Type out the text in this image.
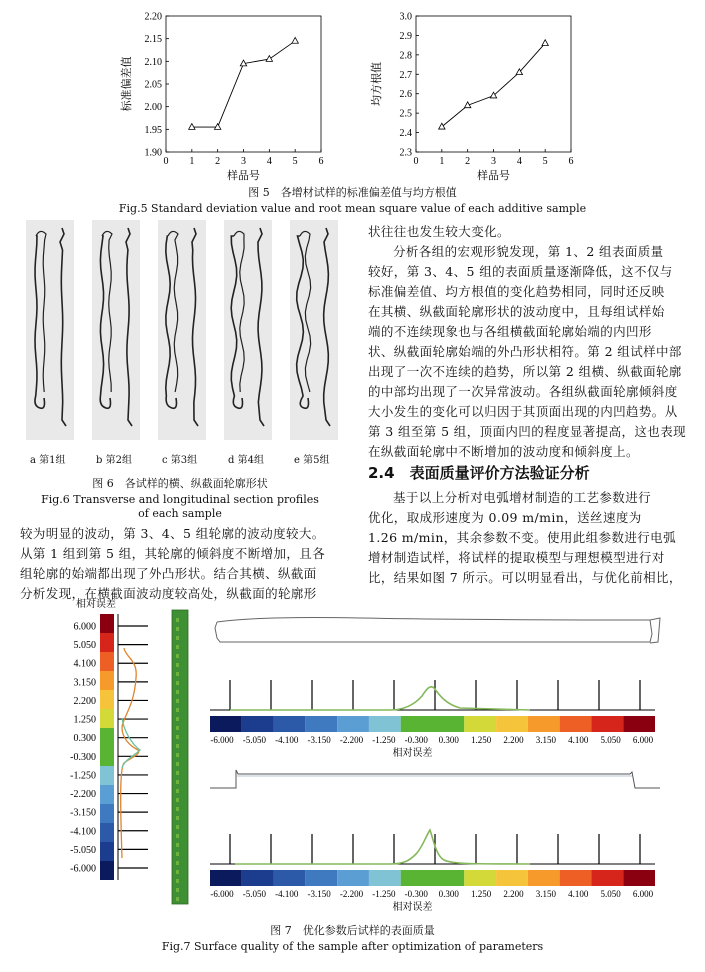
0 1 2 3 4 5 6
1.90
1.95
2.00
2.05
2.10
2.15
2.20
样品号
标准偏差值
0 1 2 3 4 5 6
2.3
2.4
2.5
2.6
2.7
2.8
2.9
3.0
样品号
均方根值
图 5　各增材试样的标准偏差值与均方根值
Fig.5 Standard deviation value and root mean square value of each additive sample
a 第1组	b 第2组	c 第3组	d 第4组	e 第5组
图 6　各试样的横、纵截面轮廓形状
Fig.6 Transverse and longitudinal section profiles
of each sample

较为明显的波动，第 3、4、5 组轮廓的波动度较大。

从第 1 组到第 5 组，其轮廓的倾斜度不断增加，且各

组轮廓的始端都出现了外凸形状。结合其横、纵截面

分析发现，在横截面波动度较高处，纵截面的轮廓形

状往往也发生较大变化。

分析各组的宏观形貌发现，第 1、2 组表面质量

较好，第 3、4、5 组的表面质量逐渐降低，这不仅与

标准偏差值、均方根值的变化趋势相同，同时还反映

在其横、纵截面轮廓形状的波动度中，且每组试样始

端的不连续现象也与各组横截面轮廓始端的内凹形

状、纵截面轮廓始端的外凸形状相符。第 2 组试样中部

出现了一次不连续的趋势，所以第 2 组横、纵截面轮廓

的中部均出现了一次异常波动。各组纵截面轮廓倾斜度

大小发生的变化可以归因于其顶面出现的内凹趋势。从

第 3 组至第 5 组，顶面内凹的程度显著提高，这也表现

在纵截面轮廓中不断增加的波动度和倾斜度上。

2.4　表面质量评价方法验证分析

基于以上分析对电弧增材制造的工艺参数进行

优化，取成形速度为 0.09 m/min，送丝速度为

1.26 m/min，其余参数不变。使用此组参数进行电弧

增材制造试样，将试样的提取模型与理想模型进行对

比，结果如图 7 所示。可以明显看出，与优化前相比，

相对误差
6.000
5.050
4.100
3.150
2.200
1.250
0.300
-0.300
-1.250
-2.200
-3.150
-4.100
-5.050
-6.000
-6.000 -5.050 -4.100 -3.150 -2.200 -1.250 -0.300 0.300 1.250 2.200 3.150 4.100 5.050 6.000
相对误差
-6.000 -5.050 -4.100 -3.150 -2.200 -1.250 -0.300 0.300 1.250 2.200 3.150 4.100 5.050 6.000
相对误差
图 7　优化参数后试样的表面质量
Fig.7 Surface quality of the sample after optimization of parameters
